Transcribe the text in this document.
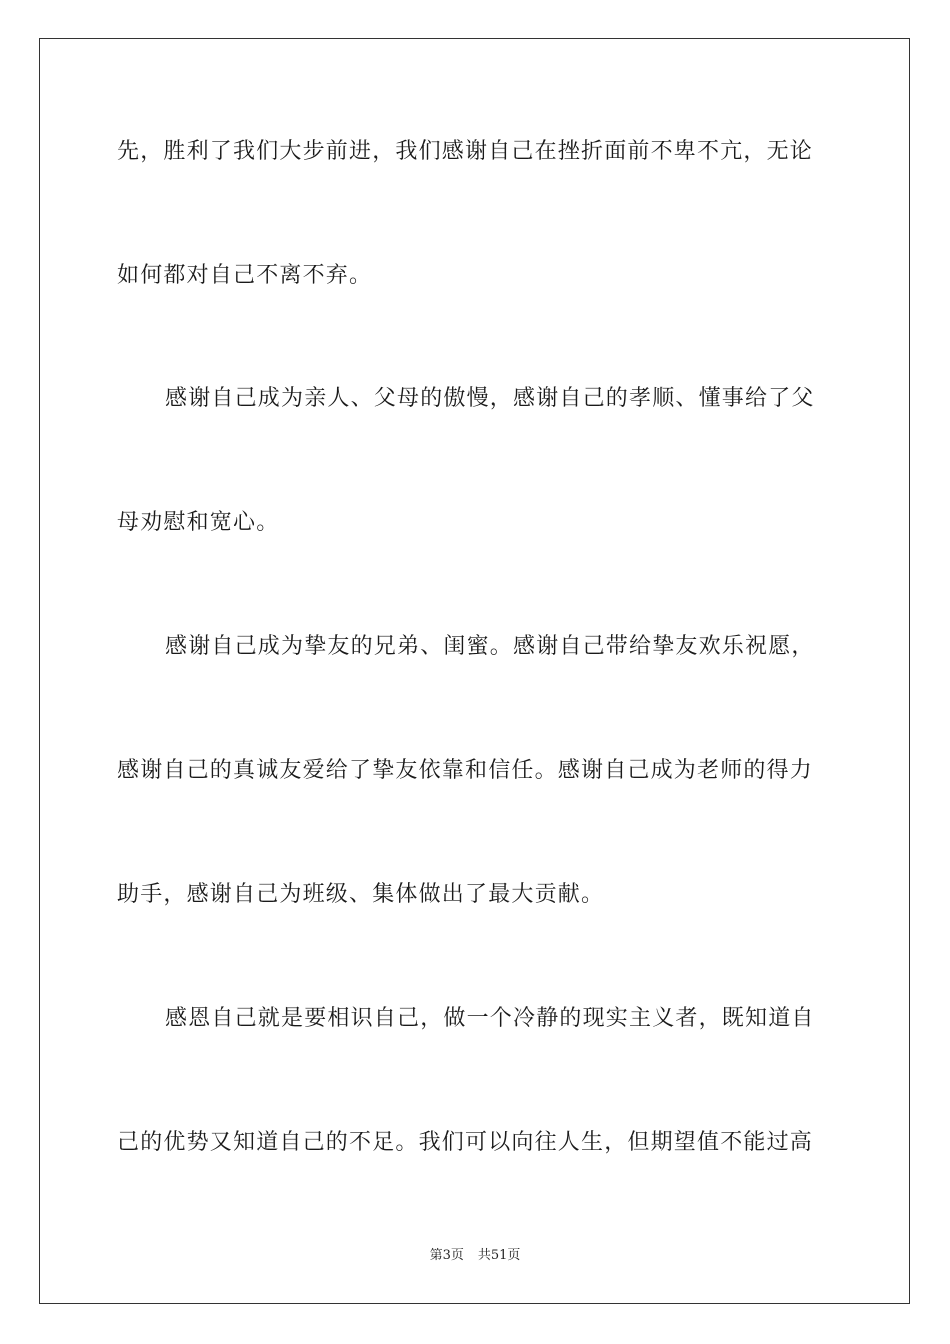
先，胜利了我们大步前进，我们感谢自己在挫折面前不卑不亢，无论
如何都对自己不离不弃。
感谢自己成为亲人、父母的傲慢，感谢自己的孝顺、懂事给了父
母劝慰和宽心。
感谢自己成为挚友的兄弟、闺蜜。感谢自己带给挚友欢乐祝愿，
感谢自己的真诚友爱给了挚友依靠和信任。感谢自己成为老师的得力
助手，感谢自己为班级、集体做出了最大贡献。
感恩自己就是要相识自己，做一个冷静的现实主义者，既知道自
己的优势又知道自己的不足。我们可以向往人生，但期望值不能过高
第3页 共51页
